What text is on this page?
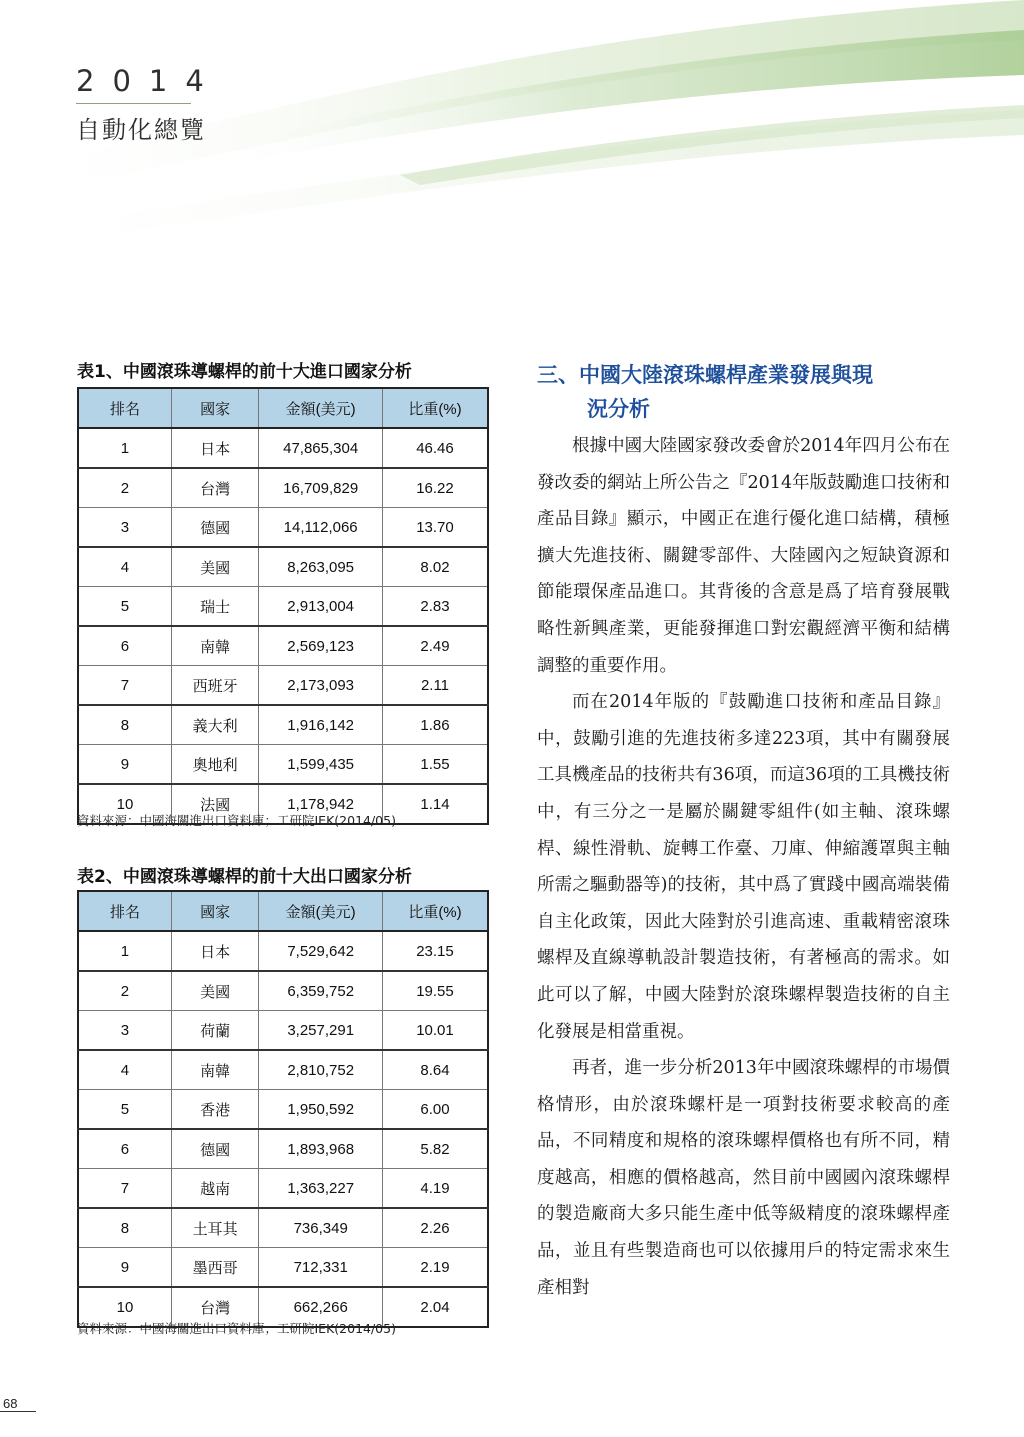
2014
自動化總覽
表1、中國滾珠導螺桿的前十大進口國家分析
排名	國家	金額(美元)	比重(%)
1	日本	47,865,304	46.46
2	台灣	16,709,829	16.22
3	德國	14,112,066	13.70
4	美國	8,263,095	8.02
5	瑞士	2,913,004	2.83
6	南韓	2,569,123	2.49
7	西班牙	2,173,093	2.11
8	義大利	1,916,142	1.86
9	奧地利	1,599,435	1.55
10	法國	1,178,942	1.14
資料來源：中國海關進出口資料庫；工研院IEK(2014/05)
表2、中國滾珠導螺桿的前十大出口國家分析
排名	國家	金額(美元)	比重(%)
1	日本	7,529,642	23.15
2	美國	6,359,752	19.55
3	荷蘭	3,257,291	10.01
4	南韓	2,810,752	8.64
5	香港	1,950,592	6.00
6	德國	1,893,968	5.82
7	越南	1,363,227	4.19
8	土耳其	736,349	2.26
9	墨西哥	712,331	2.19
10	台灣	662,266	2.04
資料來源：中國海關進出口資料庫；工研院IEK(2014/05)
三、中國大陸滾珠螺桿產業發展與現
況分析

根據中國大陸國家發改委會於2014年四月公布在發改委的網站上所公告之『2014年版鼓勵進口技術和產品目錄』顯示，中國正在進行優化進口結構，積極擴大先進技術、關鍵零部件、大陸國內之短缺資源和節能環保產品進口。其背後的含意是爲了培育發展戰略性新興產業，更能發揮進口對宏觀經濟平衡和結構調整的重要作用。

而在2014年版的『鼓勵進口技術和產品目錄』中，鼓勵引進的先進技術多達223項，其中有關發展工具機產品的技術共有36項，而這36項的工具機技術中，有三分之一是屬於關鍵零組件(如主軸、滾珠螺桿、線性滑軌、旋轉工作臺、刀庫、伸縮護罩與主軸所需之驅動器等)的技術，其中爲了實踐中國高端裝備自主化政策，因此大陸對於引進高速、重載精密滾珠螺桿及直線導軌設計製造技術，有著極高的需求。如此可以了解，中國大陸對於滾珠螺桿製造技術的自主化發展是相當重視。

再者，進一步分析2013年中國滾珠螺桿的市場價格情形，由於滾珠螺杆是一項對技術要求較高的產品，不同精度和規格的滾珠螺桿價格也有所不同，精度越高，相應的價格越高，然目前中國國內滾珠螺桿的製造廠商大多只能生產中低等級精度的滾珠螺桿產品，並且有些製造商也可以依據用戶的特定需求來生產相對

68
